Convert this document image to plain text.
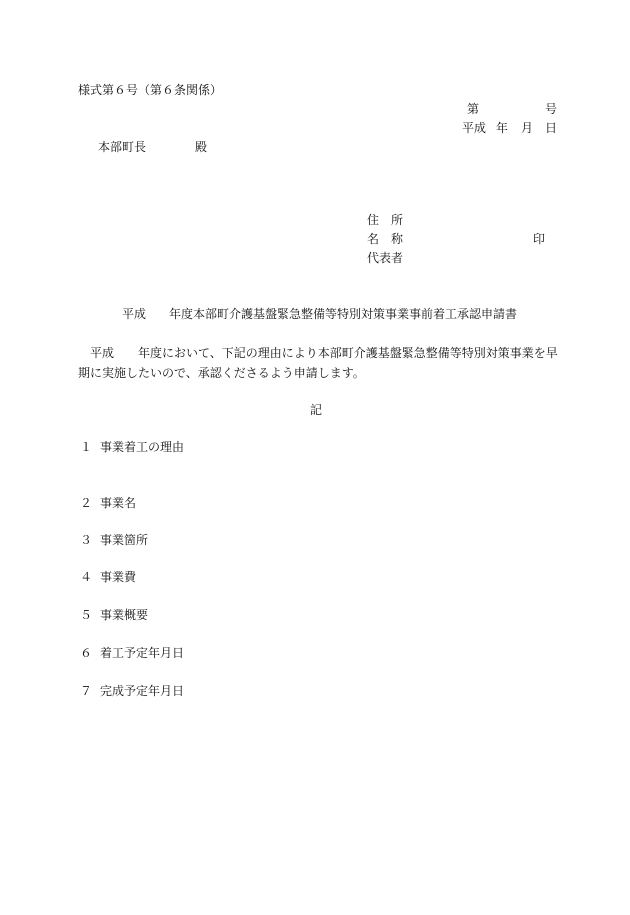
様式第６号（第６条関係）
第	号
平成 年 月 日
本部町長	殿
住　所
名　称	印
代表者
平成 年度本部町介護基盤緊急整備等特別対策事業事前着工承認申請書
平成　　年度において、下記の理由により本部町介護基盤緊急整備等特別対策事業を早
期に実施したいので、承認くださるよう申請します。
記
１ 事業着工の理由
２ 事業名
３ 事業箇所
４ 事業費
５ 事業概要
６ 着工予定年月日
７ 完成予定年月日
